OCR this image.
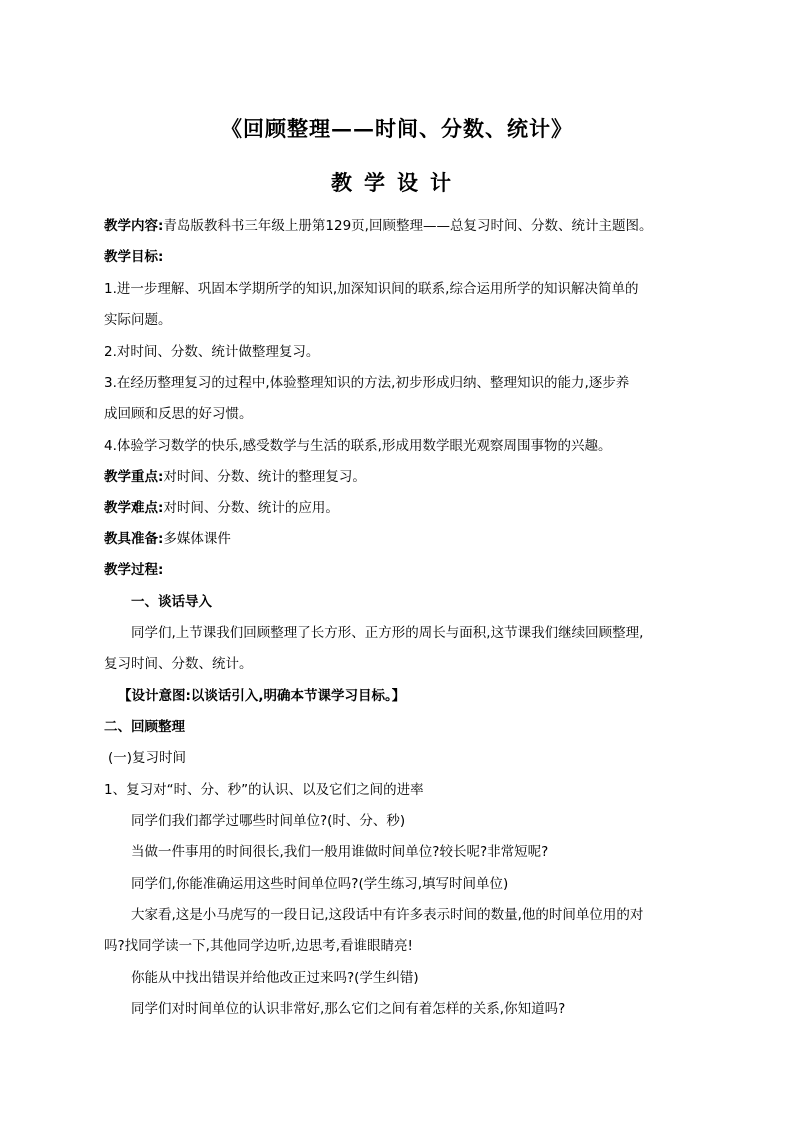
《回顾整理——时间、分数、统计》
教学设计
教学内容:青岛版教科书三年级上册第129页,回顾整理——总复习时间、分数、统计主题图。
教学目标:
1.进一步理解、巩固本学期所学的知识,加深知识间的联系,综合运用所学的知识解决简单的
实际问题。
2.对时间、分数、统计做整理复习。
3.在经历整理复习的过程中,体验整理知识的方法,初步形成归纳、整理知识的能力,逐步养
成回顾和反思的好习惯。
4.体验学习数学的快乐,感受数学与生活的联系,形成用数学眼光观察周围事物的兴趣。
教学重点:对时间、分数、统计的整理复习。
教学难点:对时间、分数、统计的应用。
教具准备:多媒体课件
教学过程:
一、谈话导入
同学们,上节课我们回顾整理了长方形、正方形的周长与面积,这节课我们继续回顾整理,
复习时间、分数、统计。
【设计意图:以谈话引入,明确本节课学习目标。】
二、回顾整理
(一)复习时间
1、复习对“时、分、秒”的认识、以及它们之间的进率
同学们我们都学过哪些时间单位?(时、分、秒)
当做一件事用的时间很长,我们一般用谁做时间单位?较长呢?非常短呢?
同学们,你能准确运用这些时间单位吗?(学生练习,填写时间单位)
大家看,这是小马虎写的一段日记,这段话中有许多表示时间的数量,他的时间单位用的对
吗?找同学读一下,其他同学边听,边思考,看谁眼睛亮!
你能从中找出错误并给他改正过来吗?(学生纠错)
同学们对时间单位的认识非常好,那么它们之间有着怎样的关系,你知道吗?
